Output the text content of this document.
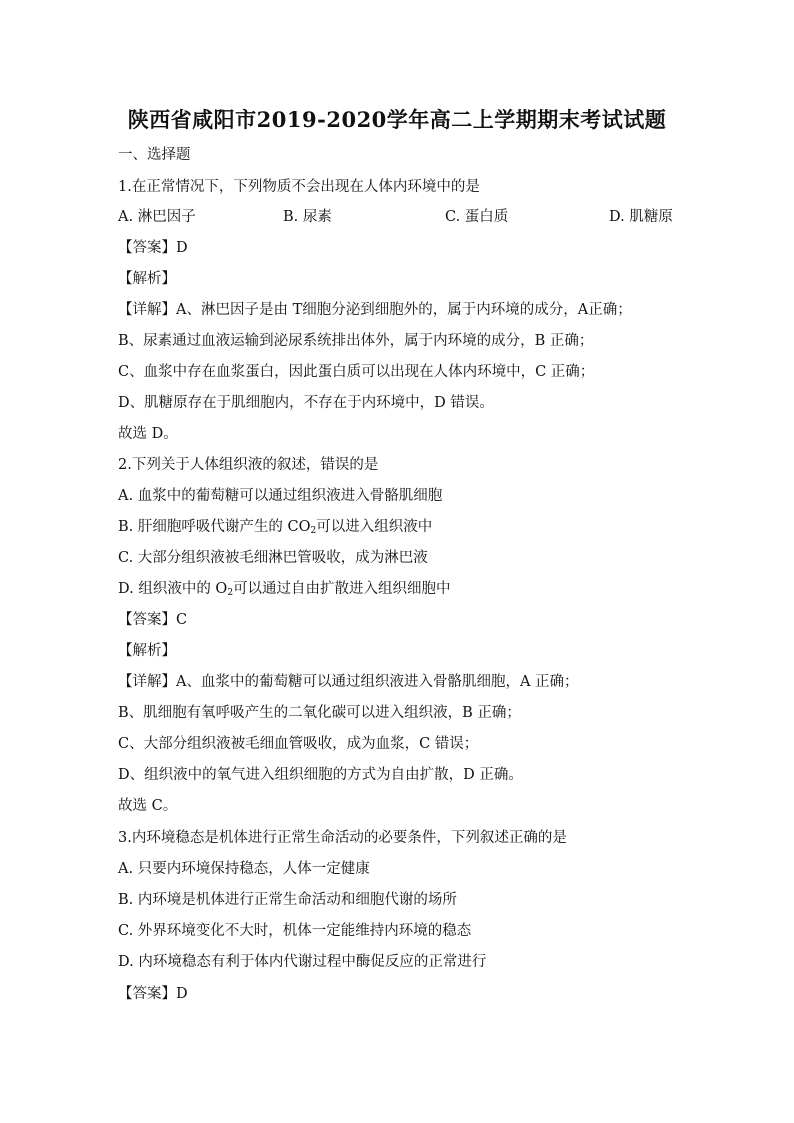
陕西省咸阳市2019-2020学年高二上学期期末考试试题
一、选择题
1.在正常情况下，下列物质不会出现在人体内环境中的是
A. 淋巴因子	B. 尿素	C. 蛋白质	D. 肌糖原
【答案】D
【解析】
【详解】A、淋巴因子是由 T细胞分泌到细胞外的，属于内环境的成分，A正确；
B、尿素通过血液运输到泌尿系统排出体外，属于内环境的成分，B 正确；
C、血浆中存在血浆蛋白，因此蛋白质可以出现在人体内环境中，C 正确；
D、肌糖原存在于肌细胞内，不存在于内环境中，D 错误。
故选 D。
2.下列关于人体组织液的叙述，错误的是
A. 血浆中的葡萄糖可以通过组织液进入骨骼肌细胞
B. 肝细胞呼吸代谢产生的 $CO_2$可以进入组织液中
C. 大部分组织液被毛细淋巴管吸收，成为淋巴液
D. 组织液中的 $O_2$可以通过自由扩散进入组织细胞中
【答案】C
【解析】
【详解】A、血浆中的葡萄糖可以通过组织液进入骨骼肌细胞，A 正确；
B、肌细胞有氧呼吸产生的二氧化碳可以进入组织液，B 正确；
C、大部分组织液被毛细血管吸收，成为血浆，C 错误；
D、组织液中的氧气进入组织细胞的方式为自由扩散，D 正确。
故选 C。
3.内环境稳态是机体进行正常生命活动的必要条件，下列叙述正确的是
A. 只要内环境保持稳态，人体一定健康
B. 内环境是机体进行正常生命活动和细胞代谢的场所
C. 外界环境变化不大时，机体一定能维持内环境的稳态
D. 内环境稳态有利于体内代谢过程中酶促反应的正常进行
【答案】D
